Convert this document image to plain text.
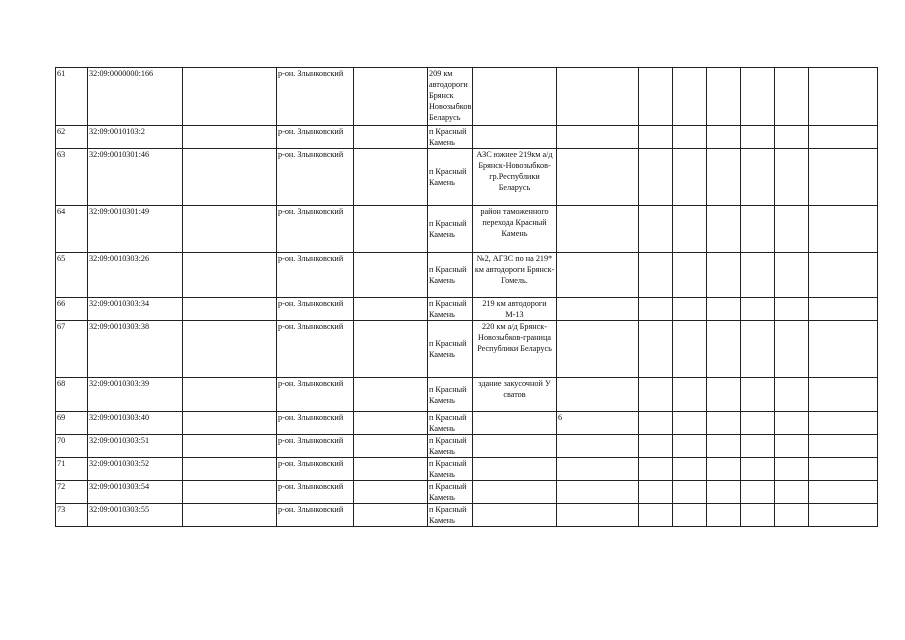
61	32:09:0000000:166		р-он. Злынковский		209 км автодороги Брянск Новозыбков Беларусь								
62	32:09:0010103:2		р-он. Злынковский		п Красный Камень								
63	32:09:0010301:46		р-он. Злынковский		п Красный Камень	АЗС южнее 219км а/д Брянск-Новозыбков-гр.Республики Беларусь							
64	32:09:0010301:49		р-он. Злынковский		п Красный Камень	район таможенного перехода Красный Камень							
65	32:09:0010303:26		р-он. Злынковский		п Красный Камень	№2, АГЗС по на 219* км автодороги Брянск-Гомель.							
66	32:09:0010303:34		р-он. Злынковский		п Красный Камень	219 км автодороги М-13							
67	32:09:0010303:38		р-он. Злынковский		п Красный Камень	220 км а/д Брянск-Новозыбков-граница Республики Беларусь							
68	32:09:0010303:39		р-он. Злынковский		п Красный Камень	здание закусочной У сватов							
69	32:09:0010303:40		р-он. Злынковский		п Красный Камень		6						
70	32:09:0010303:51		р-он. Злынковский		п Красный Камень								
71	32:09:0010303:52		р-он. Злынковский		п Красный Камень								
72	32:09:0010303:54		р-он. Злынковский		п Красный Камень								
73	32:09:0010303:55		р-он. Злынковский		п Красный Камень								
